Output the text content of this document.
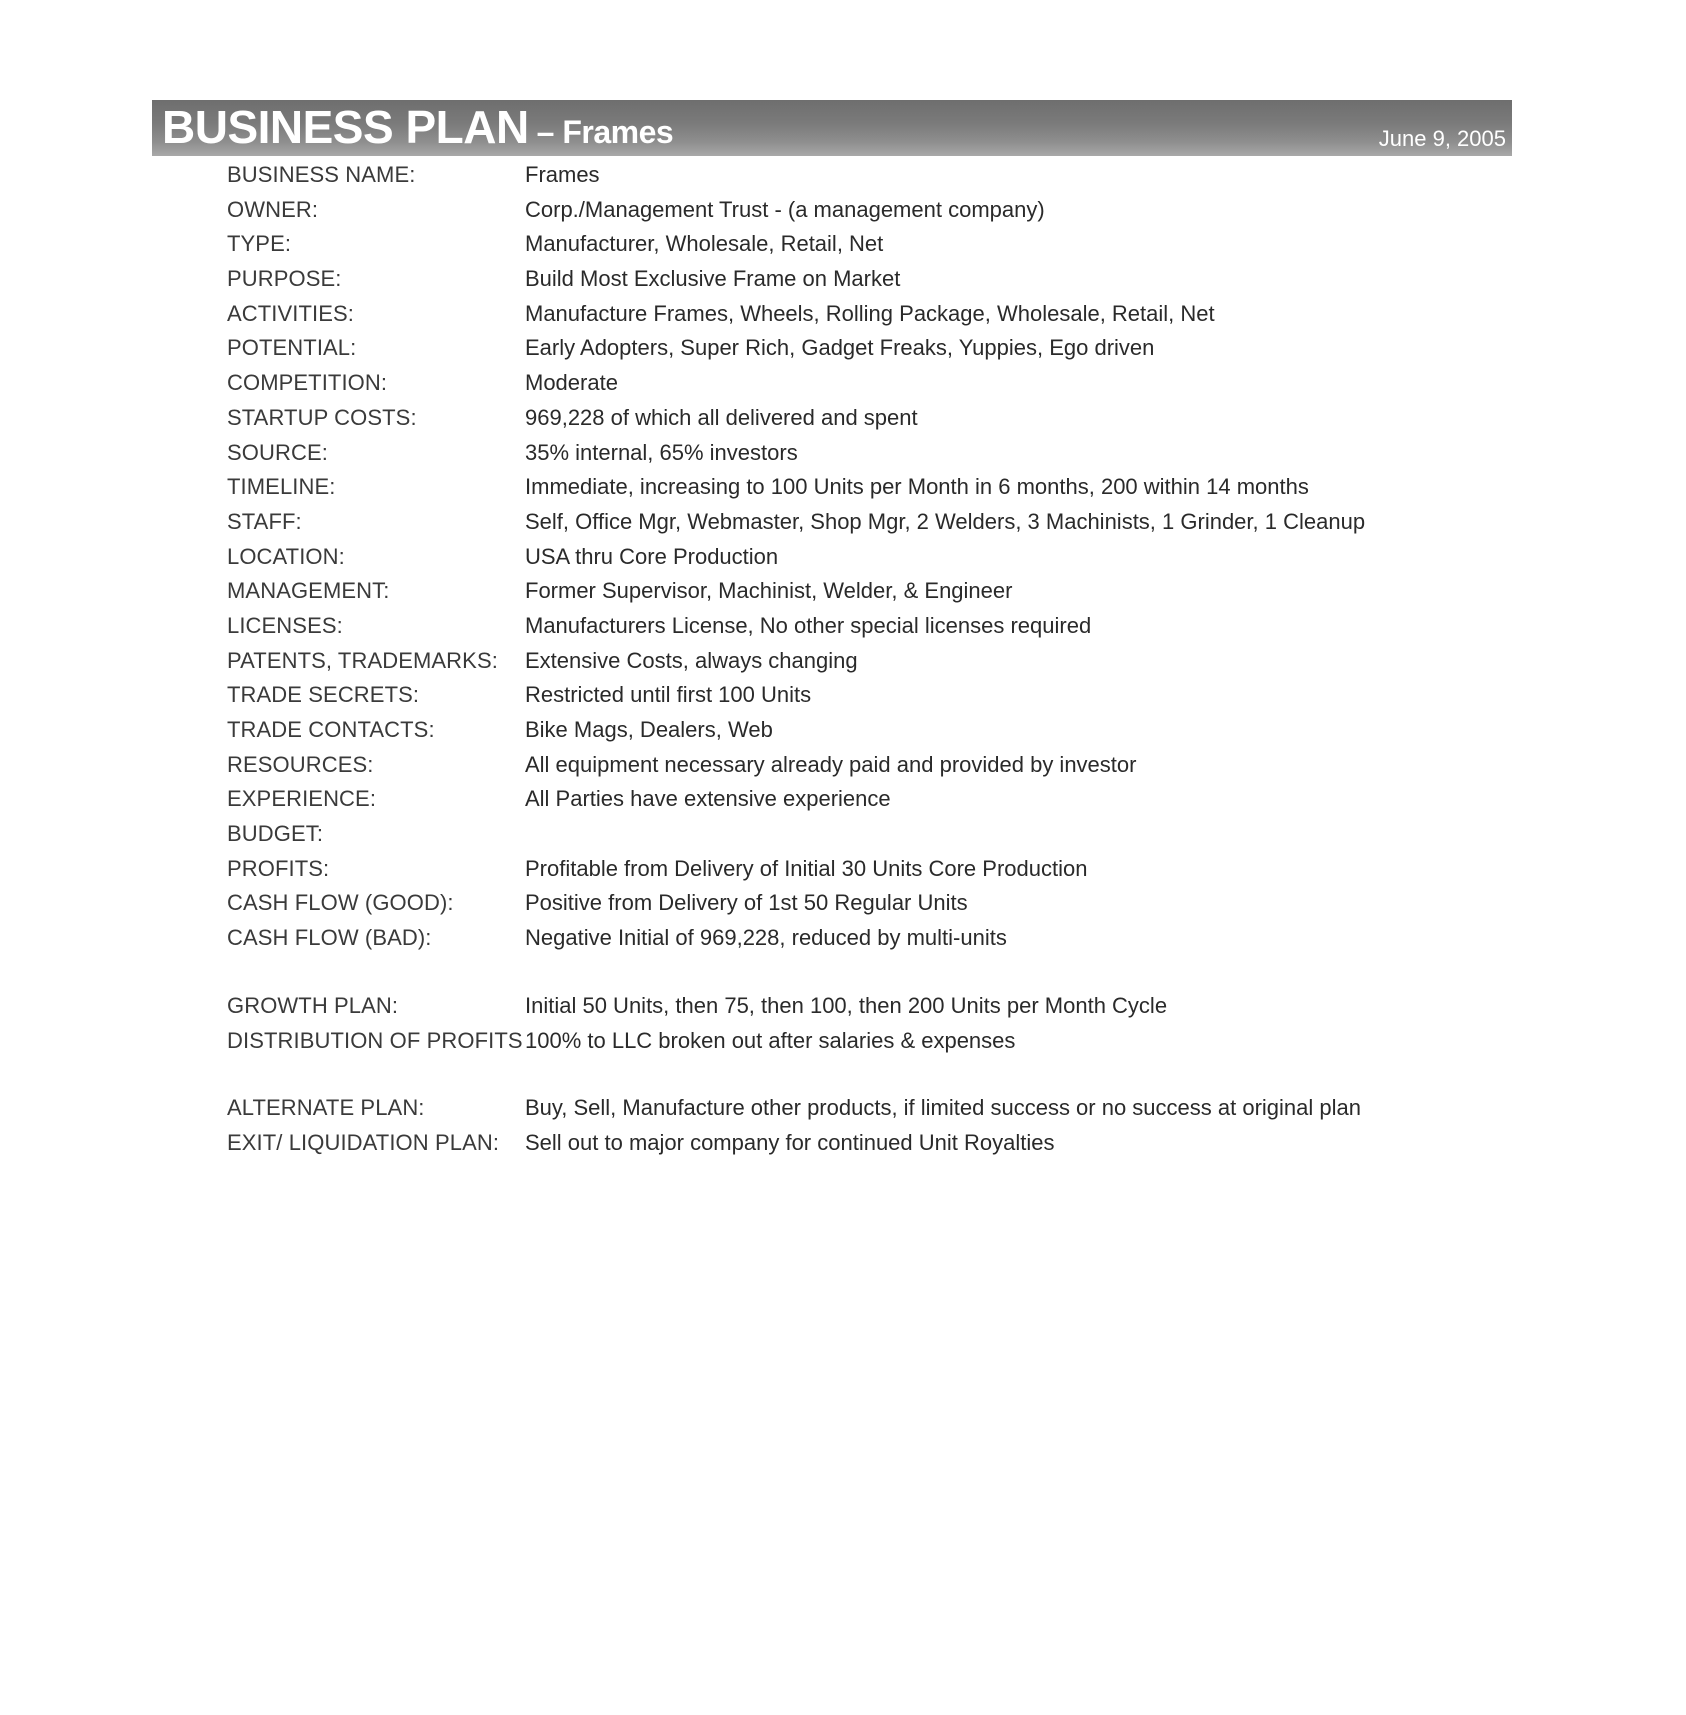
BUSINESS PLAN – Frames	June 9, 2005
BUSINESS NAME:	Frames
OWNER:	Corp./Management Trust - (a management company)
TYPE:	Manufacturer, Wholesale, Retail, Net
PURPOSE:	Build Most Exclusive Frame on Market
ACTIVITIES:	Manufacture Frames, Wheels, Rolling Package, Wholesale, Retail, Net
POTENTIAL:	Early Adopters, Super Rich, Gadget Freaks, Yuppies, Ego driven
COMPETITION:	Moderate
STARTUP COSTS:	969,228 of which all delivered and spent
SOURCE:	35% internal, 65% investors
TIMELINE:	Immediate, increasing to 100 Units per Month in 6 months, 200 within 14 months
STAFF:	Self, Office Mgr, Webmaster, Shop Mgr, 2 Welders, 3 Machinists, 1 Grinder, 1 Cleanup
LOCATION:	USA thru Core Production
MANAGEMENT:	Former Supervisor, Machinist, Welder, & Engineer
LICENSES:	Manufacturers License, No other special licenses required
PATENTS, TRADEMARKS:	Extensive Costs, always changing
TRADE SECRETS:	Restricted until first 100 Units
TRADE CONTACTS:	Bike Mags, Dealers, Web
RESOURCES:	All equipment necessary already paid and provided by investor
EXPERIENCE:	All Parties have extensive experience
BUDGET:
PROFITS:	Profitable from Delivery of Initial 30 Units Core Production
CASH FLOW (GOOD):	Positive from Delivery of 1st 50 Regular Units
CASH FLOW (BAD):	Negative Initial of 969,228, reduced by multi-units
GROWTH PLAN:	Initial 50 Units, then 75, then 100, then 200 Units per Month Cycle
DISTRIBUTION OF PROFITS 100% to LLC broken out after salaries & expenses
ALTERNATE PLAN:	Buy, Sell, Manufacture other products, if limited success or no success at original plan
EXIT/ LIQUIDATION PLAN:	Sell out to major company for continued Unit Royalties
